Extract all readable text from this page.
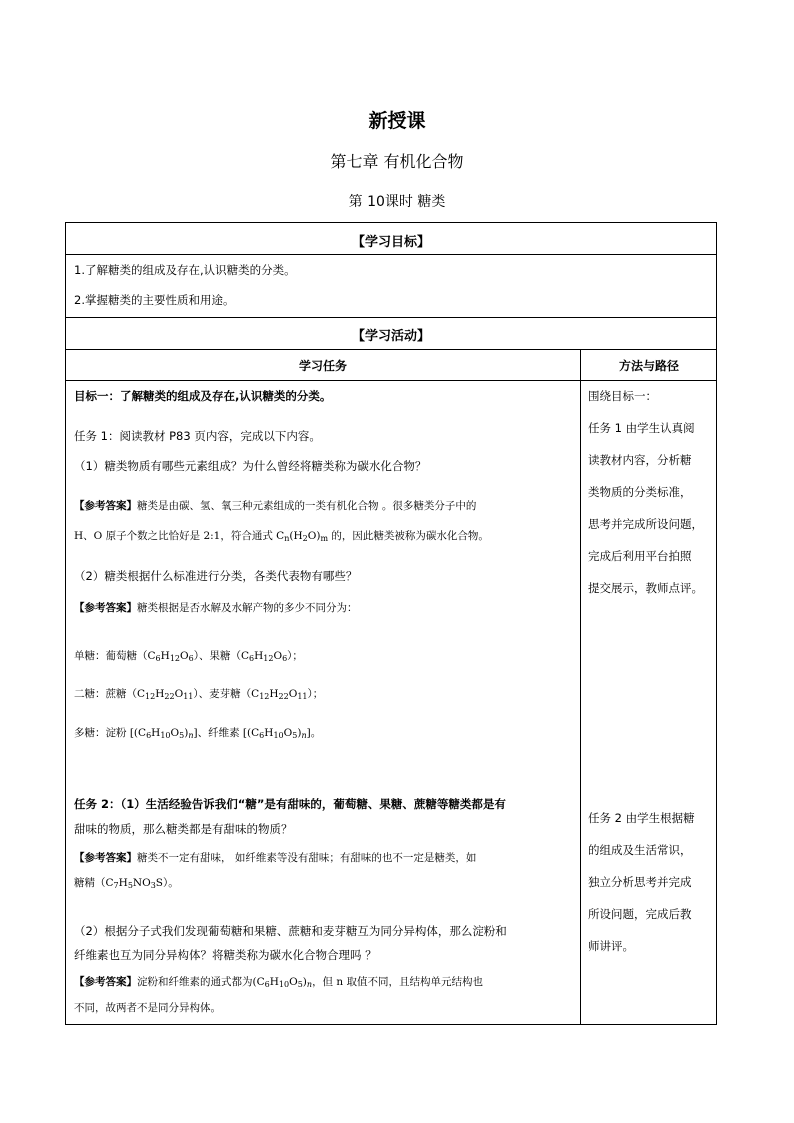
新授课
第七章 有机化合物
第 10课时 糖类
【学习目标】
1.了解糖类的组成及存在,认识糖类的分类。
2.掌握糖类的主要性质和用途。
【学习活动】
学习任务	方法与路径
目标一：了解糖类的组成及存在,认识糖类的分类。
任务 1：阅读教材 P83 页内容，完成以下内容。
（1）糖类物质有哪些元素组成？为什么曾经将糖类称为碳水化合物？
【参考答案】糖类是由碳、氢、氧三种元素组成的一类有机化合物 。很多糖类分子中的
H、O 原子个数之比恰好是 2:1，符合通式 $C_n(H_2O)_m$ 的，因此糖类被称为碳水化合物。
（2）糖类根据什么标准进行分类，各类代表物有哪些？
【参考答案】糖类根据是否水解及水解产物的多少不同分为：
单糖：葡萄糖$(C_6H_{12}O_6)$、果糖$(C_6H_{12}O_6)$；
二糖：蔗糖$(C_{12}H_{22}O_{11})$、麦芽糖$(C_{12}H_{22}O_{11})$；
多糖：淀粉 $[(C_6H_{10}O_5)_n]$、纤维素 $[(C_6H_{10}O_5)_n]$。
任务 2：（1）生活经验告诉我们“糖”是有甜味的，葡萄糖、果糖、蔗糖等糖类都是有
甜味的物质，那么糖类都是有甜味的物质？
【参考答案】糖类不一定有甜味， 如纤维素等没有甜味；有甜味的也不一定是糖类，如
糖精$(C_7H_5NO_3S)$。
（2）根据分子式我们发现葡萄糖和果糖、蔗糖和麦芽糖互为同分异构体，那么淀粉和
纤维素也互为同分异构体？将糖类称为碳水化合物合理吗 ？
【参考答案】淀粉和纤维素的通式都为$(C_6H_{10}O_5)_n$，但 n 取值不同，且结构单元结构也
不同，故两者不是同分异构体。
围绕目标一：
任务 1 由学生认真阅
读教材内容，分析糖
类物质的分类标准，
思考并完成所设问题，
完成后利用平台拍照
提交展示，教师点评。
任务 2 由学生根据糖
的组成及生活常识，
独立分析思考并完成
所设问题，完成后教
师讲评。
